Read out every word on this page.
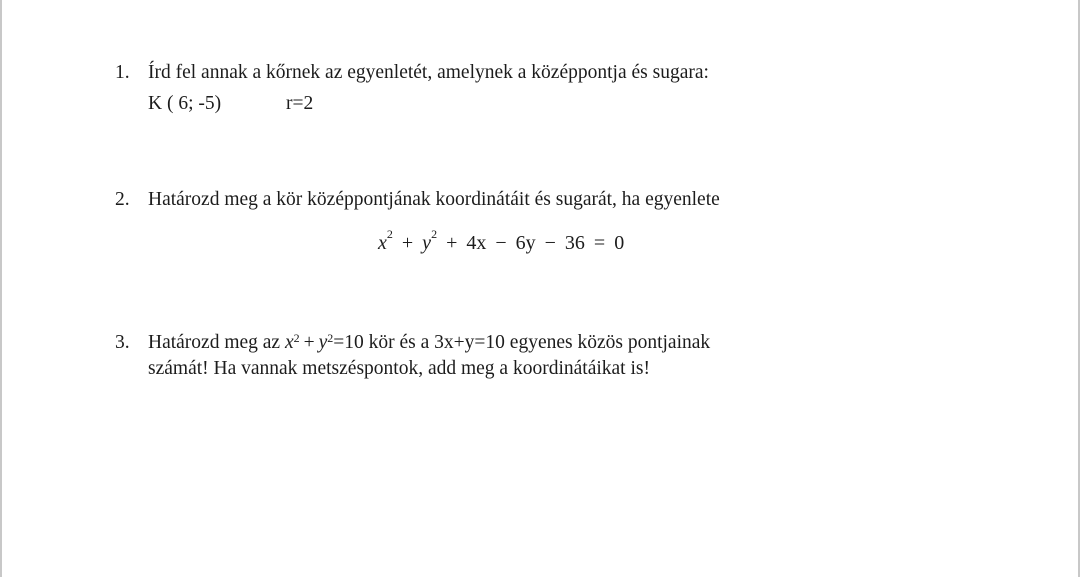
1. Írd fel annak a kőrnek az egyenletét, amelynek a középpontja és sugara:
K ( 6; -5)	r=2
2. Határozd meg a kör középpontjának koordinátáit és sugarát, ha egyenlete
$x^2 + y^2 + 4x - 6y - 36 = 0$
3. Határozd meg az $x^2 + y^2=10$ kör és a 3x+y=10 egyenes közös pontjainak
számát! Ha vannak metszéspontok, add meg a koordinátáikat is!
